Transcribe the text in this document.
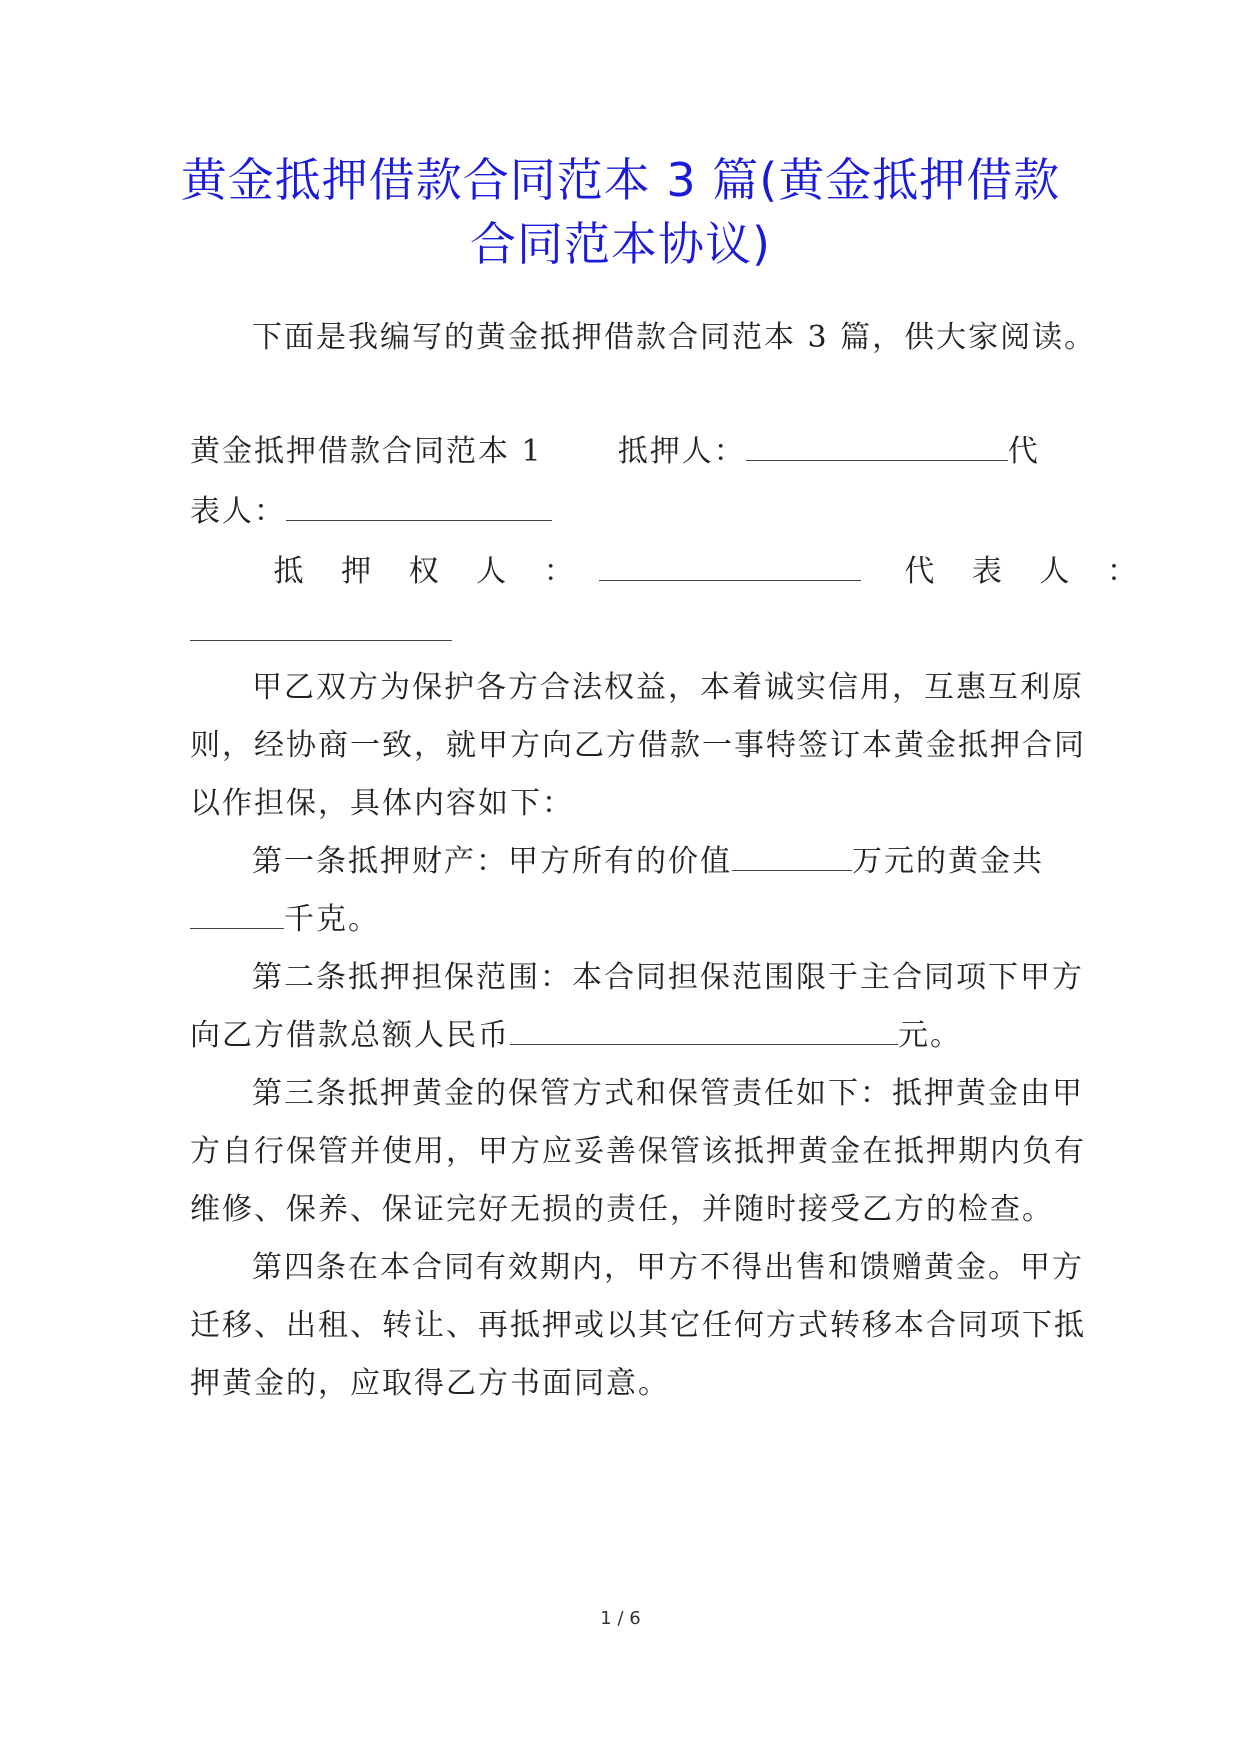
黄金抵押借款合同范本 3 篇(黄金抵押借款
合同范本协议)
下面是我编写的黄金抵押借款合同范本 3 篇，供大家阅读。
黄金抵押借款合同范本 1	抵押人：	代
表人：
抵 押 权 人 ：	代 表 人 ：
甲乙双方为保护各方合法权益，本着诚实信用，互惠互利原
则，经协商一致，就甲方向乙方借款一事特签订本黄金抵押合同
以作担保，具体内容如下：
第一条抵押财产：甲方所有的价值	万元的黄金共
千克。
第二条抵押担保范围：本合同担保范围限于主合同项下甲方
向乙方借款总额人民币	元。
第三条抵押黄金的保管方式和保管责任如下：抵押黄金由甲
方自行保管并使用，甲方应妥善保管该抵押黄金在抵押期内负有
维修、保养、保证完好无损的责任，并随时接受乙方的检查。
第四条在本合同有效期内，甲方不得出售和馈赠黄金。甲方
迁移、出租、转让、再抵押或以其它任何方式转移本合同项下抵
押黄金的，应取得乙方书面同意。
1 / 6
